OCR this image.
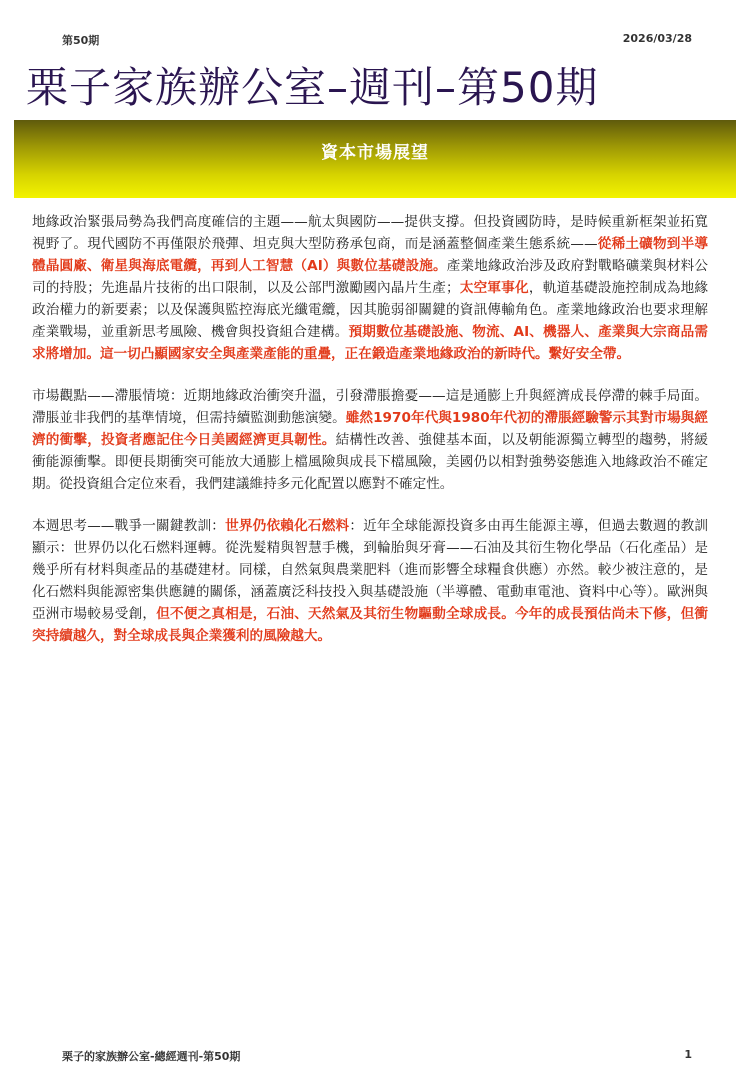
第50期	2026/03/28
栗子家族辦公室–週刊–第50期
資本市場展望

地緣政治緊張局勢為我們高度確信的主題——航太與國防——提供支撐。但投資國防時，是時候重新框架並拓寬視野了。現代國防不再僅限於飛彈、坦克與大型防務承包商，而是涵蓋整個產業生態系統——從稀土礦物到半導體晶圓廠、衛星與海底電纜，再到人工智慧（AI）與數位基礎設施。產業地緣政治涉及政府對戰略礦業與材料公司的持股；先進晶片技術的出口限制，以及公部門激勵國內晶片生產；太空軍事化，軌道基礎設施控制成為地緣政治權力的新要素；以及保護與監控海底光纖電纜，因其脆弱卻關鍵的資訊傳輸角色。產業地緣政治也要求理解產業戰場，並重新思考風險、機會與投資組合建構。預期數位基礎設施、物流、AI、機器人、產業與大宗商品需求將增加。這一切凸顯國家安全與產業產能的重疊，正在鍛造產業地緣政治的新時代。繫好安全帶。

市場觀點——滯脹情境：近期地緣政治衝突升溫，引發滯脹擔憂——這是通膨上升與經濟成長停滯的棘手局面。滯脹並非我們的基準情境，但需持續監測動態演變。雖然1970年代與1980年代初的滯脹經驗警示其對市場與經濟的衝擊，投資者應記住今日美國經濟更具韌性。結構性改善、強健基本面，以及朝能源獨立轉型的趨勢，將緩衝能源衝擊。即便長期衝突可能放大通膨上檔風險與成長下檔風險，美國仍以相對強勢姿態進入地緣政治不確定期。從投資組合定位來看，我們建議維持多元化配置以應對不確定性。

本週思考——戰爭一關鍵教訓：世界仍依賴化石燃料：近年全球能源投資多由再生能源主導，但過去數週的教訓顯示：世界仍以化石燃料運轉。從洗髮精與智慧手機，到輪胎與牙膏——石油及其衍生物化學品（石化產品）是幾乎所有材料與產品的基礎建材。同樣，自然氣與農業肥料（進而影響全球糧食供應）亦然。較少被注意的，是化石燃料與能源密集供應鏈的關係，涵蓋廣泛科技投入與基礎設施（半導體、電動車電池、資料中心等）。歐洲與亞洲市場較易受創，但不便之真相是，石油、天然氣及其衍生物驅動全球成長。今年的成長預估尚未下修，但衝突持續越久，對全球成長與企業獲利的風險越大。

栗子的家族辦公室-總經週刊-第50期	1
